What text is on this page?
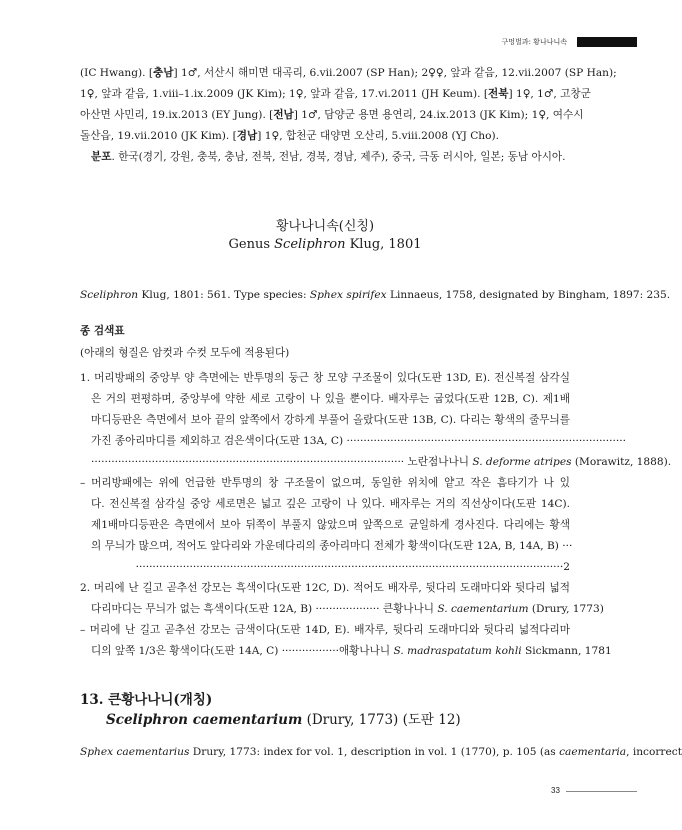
구멍벌과: 황나나니속
(IC Hwang). [충남] 1♂, 서산시 해미면 대곡리, 6.vii.2007 (SP Han); 2♀♀, 앞과 같음, 12.vii.2007 (SP Han);
1♀, 앞과 같음, 1.viii–1.ix.2009 (JK Kim); 1♀, 앞과 같음, 17.vi.2011 (JH Keum). [전북] 1♀, 1♂, 고창군
아산면 사민리, 19.ix.2013 (EY Jung). [전남] 1♂, 담양군 용면 용연리, 24.ix.2013 (JK Kim); 1♀, 여수시
돌산읍, 19.vii.2010 (JK Kim). [경남] 1♀, 합천군 대양면 오산리, 5.viii.2008 (YJ Cho).
분포. 한국(경기, 강원, 충북, 충남, 전북, 전남, 경북, 경남, 제주), 중국, 극동 러시아, 일본; 동남 아시아.
황나나니속(신칭)
Genus Sceliphron Klug, 1801
Sceliphron Klug, 1801: 561. Type species: Sphex spirifex Linnaeus, 1758, designated by Bingham, 1897: 235.
종 검색표
(아래의 형질은 암컷과 수컷 모두에 적용된다)
1. 머리방패의 중앙부 양 측면에는 반투명의 둥근 창 모양 구조물이 있다(도판 13D, E). 전신복절 삼각실
은 거의 편평하며, 중앙부에 약한 세로 고랑이 나 있을 뿐이다. 배자루는 굽었다(도판 12B, C). 제1배
마디등판은 측면에서 보아 끝의 앞쪽에서 강하게 부풀어 올랐다(도판 13B, C). 다리는 황색의 줄무늬를
가진 종아리마디를 제외하고 검은색이다(도판 13A, C) ···················································································
····························································································· 노란점나나니 S. deforme atripes (Morawitz, 1888).
– 머리방패에는 위에 언급한 반투명의 창 구조물이 없으며, 동일한 위치에 얕고 작은 흠타기가 나 있
다. 전신복절 삼각실 중앙 세로면은 넓고 깊은 고랑이 나 있다. 배자루는 거의 직선상이다(도판 14C).
제1배마디등판은 측면에서 보아 뒤쪽이 부풀지 않았으며 앞쪽으로 균일하게 경사진다. 다리에는 황색
의 무늬가 많으며, 적어도 앞다리와 가운데다리의 종아리마디 전체가 황색이다(도판 12A, B, 14A, B) ···
·······························································································································2
2. 머리에 난 길고 곧추선 강모는 흑색이다(도판 12C, D). 적어도 배자루, 뒷다리 도래마디와 뒷다리 넓적
다리마디는 무늬가 없는 흑색이다(도판 12A, B) ··················· 큰황나나니 S. caementarium (Drury, 1773)
– 머리에 난 길고 곧추선 강모는 금색이다(도판 14D, E). 배자루, 뒷다리 도래마디와 뒷다리 넓적다리마
디의 앞쪽 1/3은 황색이다(도판 14A, C) ·················애황나나니 S. madraspatatum kohli Sickmann, 1781
13. 큰황나나니(개칭)
Sceliphron caementarium (Drury, 1773) (도판 12)
Sphex caementarius Drury, 1773: index for vol. 1, description in vol. 1 (1770), p. 105 (as caementaria, incorrect
33
